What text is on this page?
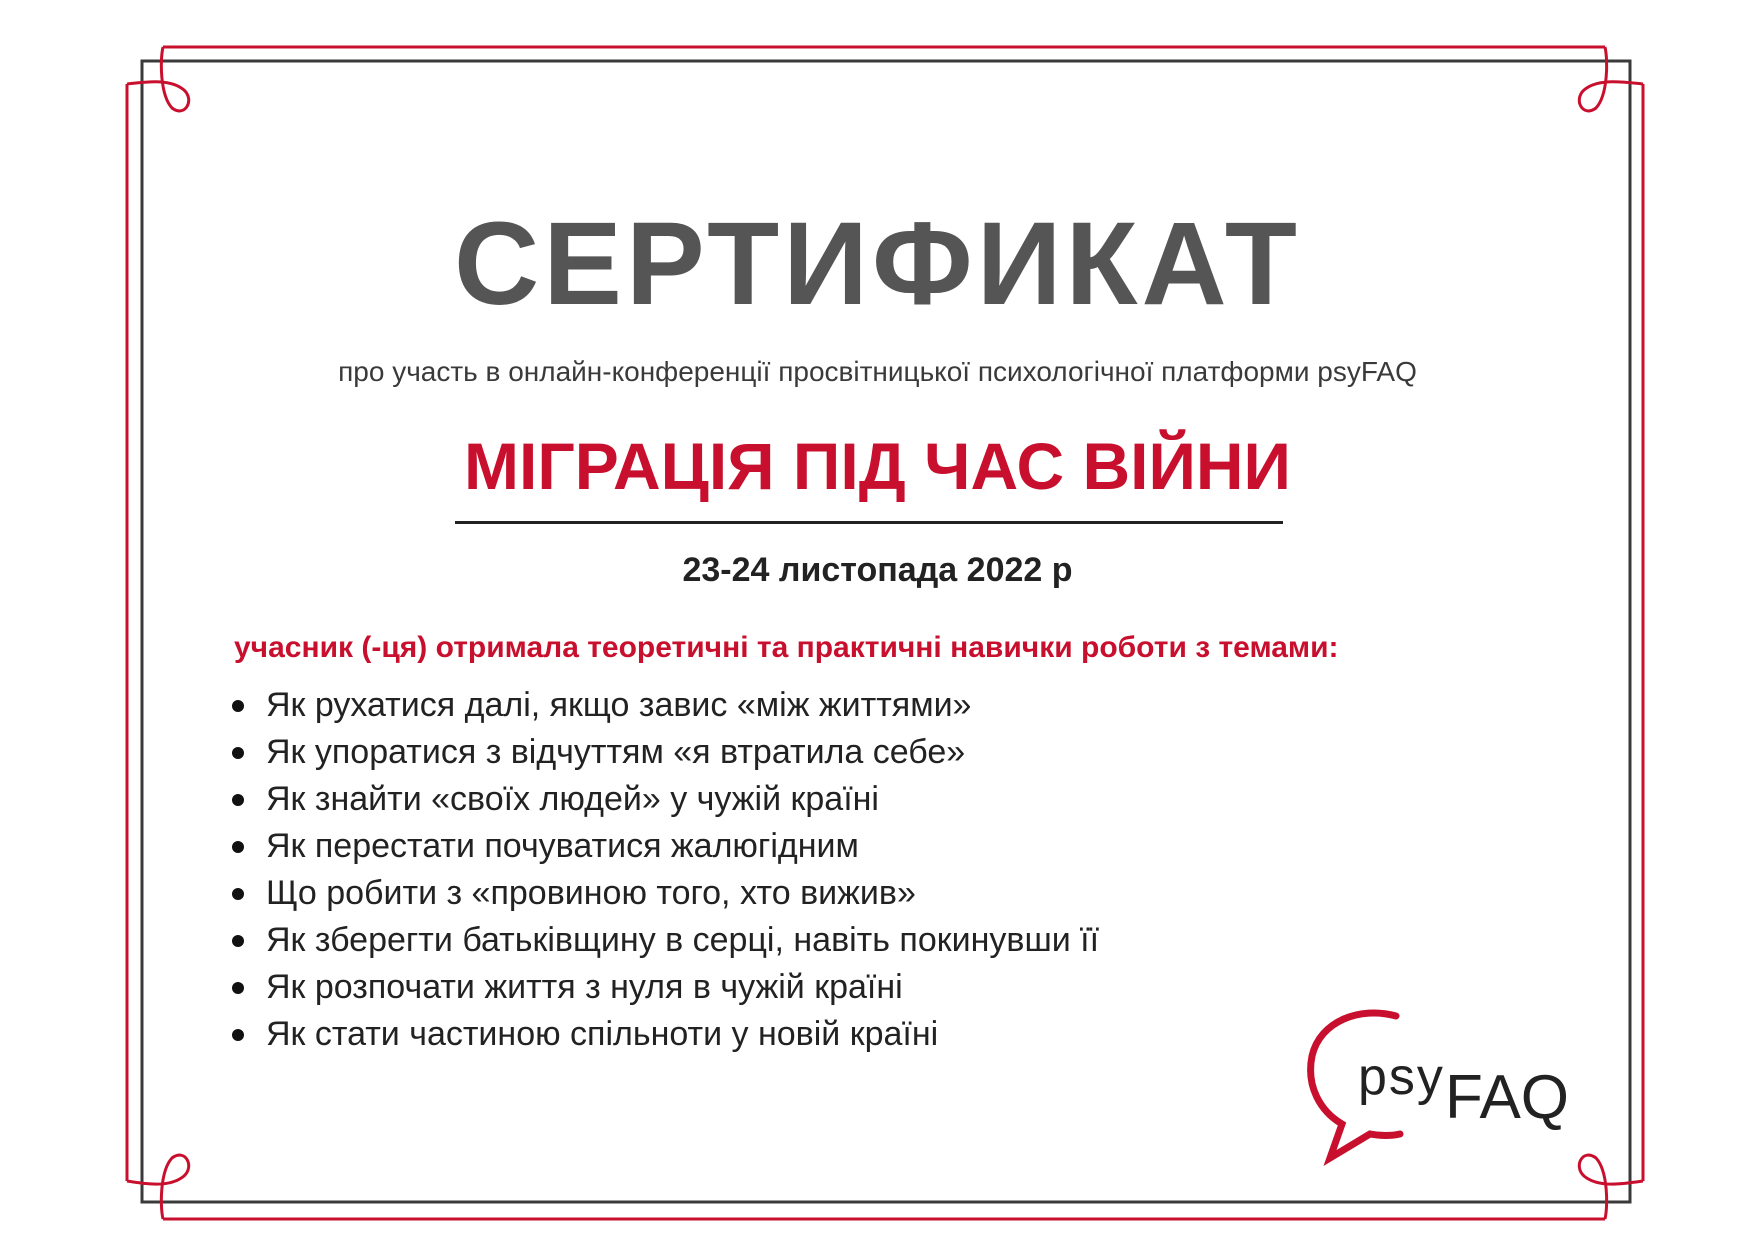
СЕРТИФИКАТ
про участь в онлайн-конференції просвітницької психологічної платформи psyFAQ
МІГРАЦІЯ ПІД ЧАС ВІЙНИ
23-24 листопада 2022 р
учасник (-ця) отримала теоретичні та практичні навички роботи з темами:
Як рухатися далі, якщо завис «між життями»
Як упоратися з відчуттям «я втратила себе»
Як знайти «своїх людей» у чужій країні
Як перестати почуватися жалюгідним
Що робити з «провиною того, хто вижив»
Як зберегти батьківщину в серці, навіть покинувши її
Як розпочати життя з нуля в чужій країні
Як стати частиною спільноти у новій країні
psy FAQ
